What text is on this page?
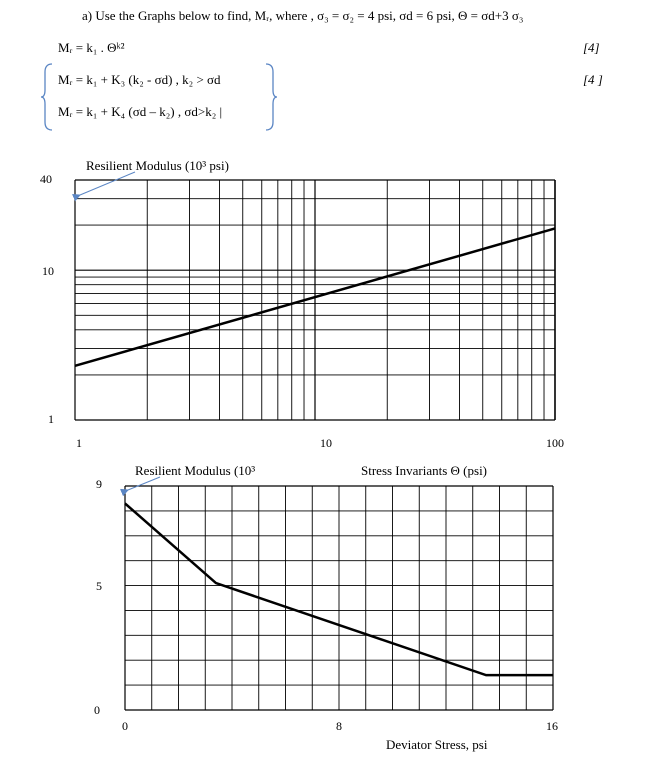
a) Use the Graphs below to find, Mᵣ, where , σ₃ = σ₂ = 4 psi, σd = 6 psi, Θ = σd+3 σ₃
Mᵣ = k₁ . Θᵏ²	[4]
Mᵣ = k₁ + K₃ (k₂ - σd) , k₂ > σd	[4 ]
Mᵣ = k₁ + K₄ (σd – k₂) , σd>k₂ |
Resilient Modulus (10³ psi)
40
10
1
1	10	100
Resilient Modulus (10³	Stress Invariants Θ (psi)
9
5
0
0	8	16
Deviator Stress, psi
